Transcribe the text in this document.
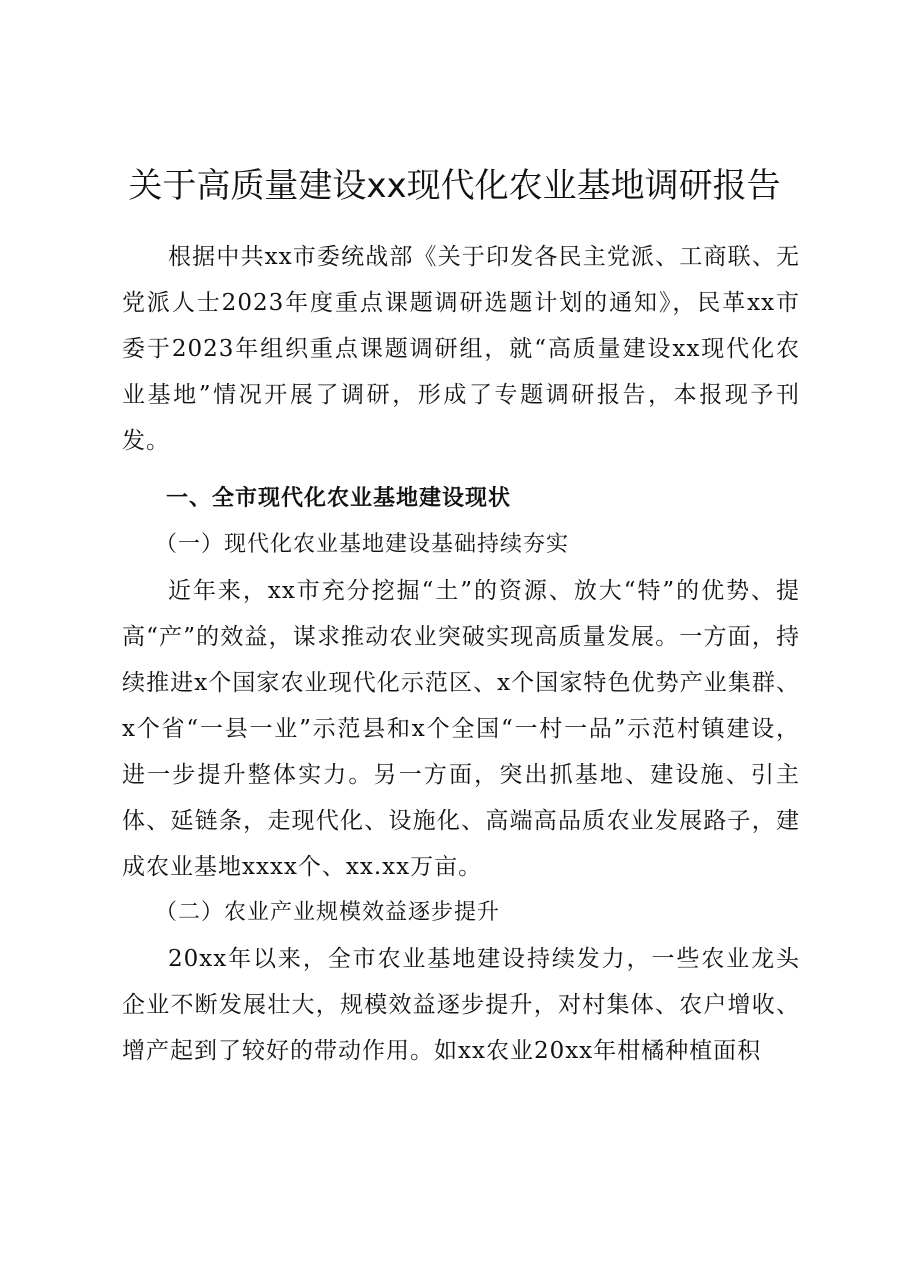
关于高质量建设xx现代化农业基地调研报告

根据中共xx市委统战部《关于印发各民主党派、工商联、无党派人士2023年度重点课题调研选题计划的通知》，民革xx市委于2023年组织重点课题调研组，就“高质量建设xx现代化农业基地”情况开展了调研，形成了专题调研报告，本报现予刊发。

一、全市现代化农业基地建设现状

（一）现代化农业基地建设基础持续夯实

近年来，xx市充分挖掘“土”的资源、放大“特”的优势、提高“产”的效益，谋求推动农业突破实现高质量发展。一方面，持续推进x个国家农业现代化示范区、x个国家特色优势产业集群、x个省“一县一业”示范县和x个全国“一村一品”示范村镇建设，进一步提升整体实力。另一方面，突出抓基地、建设施、引主体、延链条，走现代化、设施化、高端高品质农业发展路子，建成农业基地xxxx个、xx.xx万亩。

（二）农业产业规模效益逐步提升

20xx年以来，全市农业基地建设持续发力，一些农业龙头企业不断发展壮大，规模效益逐步提升，对村集体、农户增收、增产起到了较好的带动作用。如xx农业20xx年柑橘种植面积
